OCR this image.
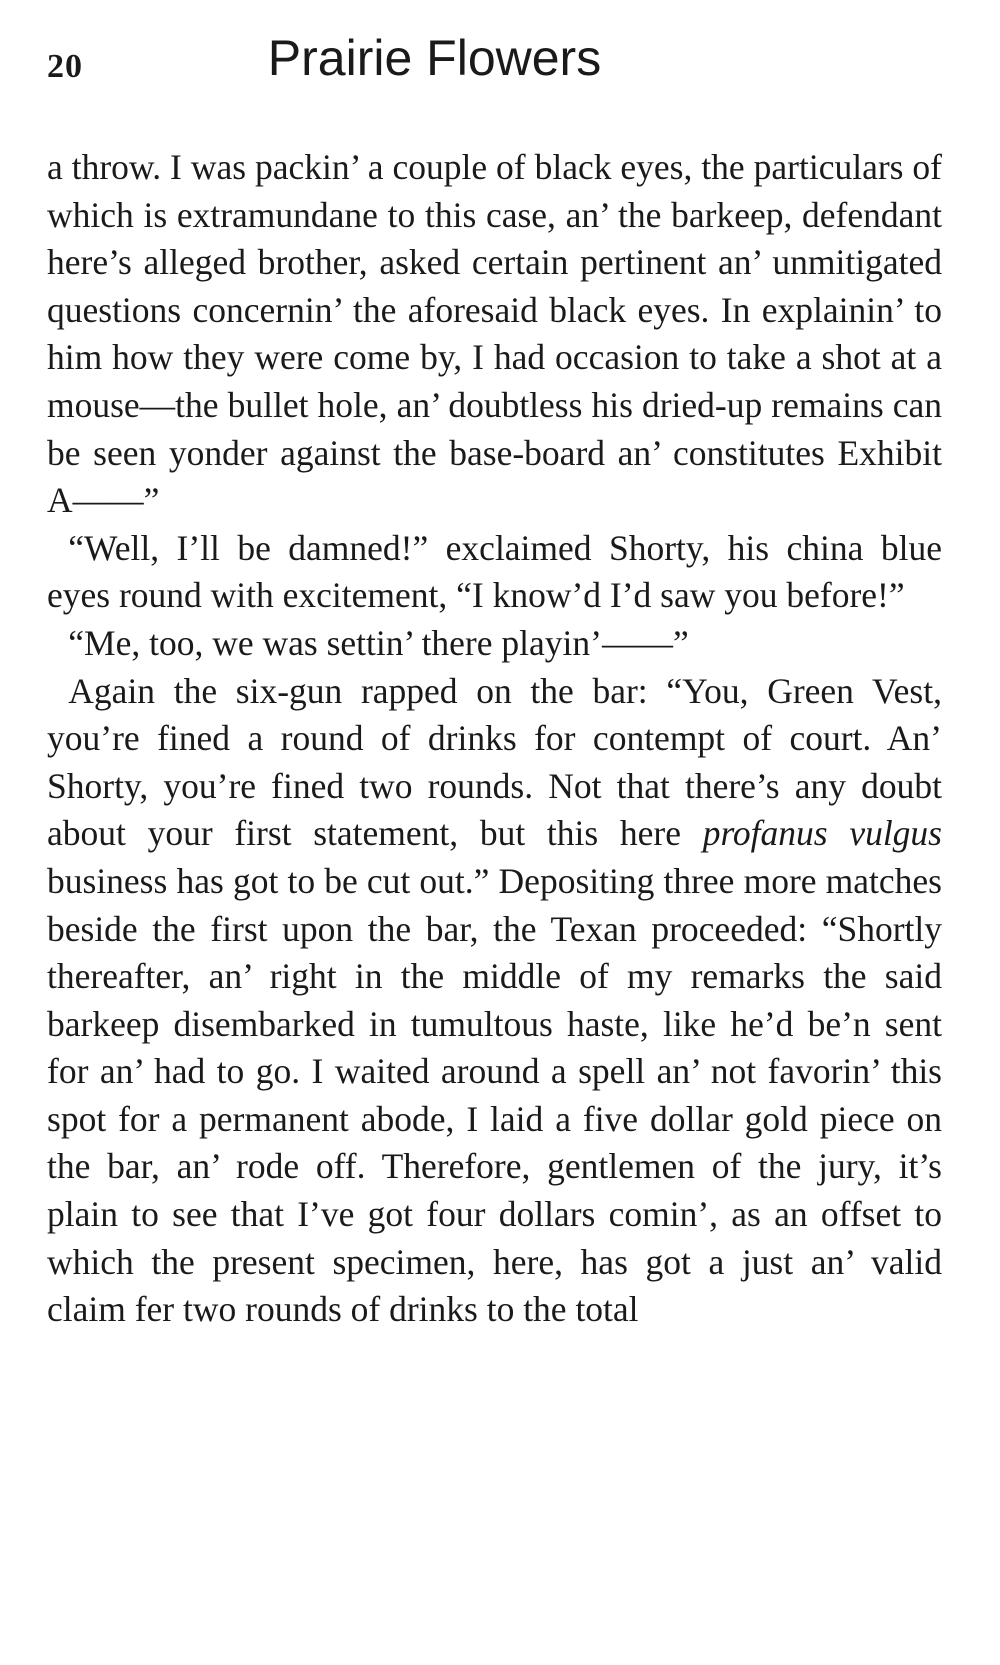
20	Prairie Flowers

a throw. I was packin’ a couple of black eyes, the particulars of which is extramundane to this case, an’ the barkeep, defendant here’s alleged brother, asked certain pertinent an’ unmitigated questions concernin’ the aforesaid black eyes. In explainin’ to him how they were come by, I had occasion to take a shot at a mouse—the bullet hole, an’ doubtless his dried-up remains can be seen yonder against the base-board an’ constitutes Exhibit A——”

“Well, I’ll be damned!” exclaimed Shorty, his china blue eyes round with excitement, “I know’d I’d saw you before!”

“Me, too, we was settin’ there playin’——”

Again the six-gun rapped on the bar: “You, Green Vest, you’re fined a round of drinks for contempt of court. An’ Shorty, you’re fined two rounds. Not that there’s any doubt about your first statement, but this here profanus vulgus business has got to be cut out.” Depositing three more matches beside the first upon the bar, the Texan proceeded: “Shortly thereafter, an’ right in the middle of my remarks the said barkeep disembarked in tumultous haste, like he’d be’n sent for an’ had to go. I waited around a spell an’ not favorin’ this spot for a permanent abode, I laid a five dollar gold piece on the bar, an’ rode off. Therefore, gentlemen of the jury, it’s plain to see that I’ve got four dollars comin’, as an offset to which the present specimen, here, has got a just an’ valid claim fer two rounds of drinks to the total
